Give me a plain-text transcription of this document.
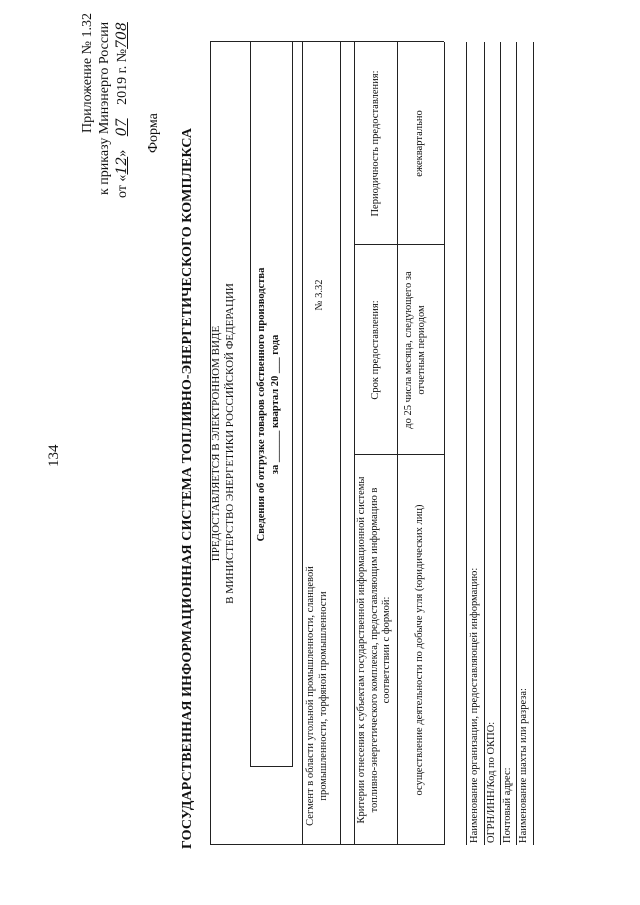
134
Приложение № 1.32 к приказу Минэнерго России от «12» 07 2019 г. №708
Форма ГОСУДАРСТВЕННАЯ ИНФОРМАЦИОННАЯ СИСТЕМА ТОПЛИВНО-ЭНЕРГЕТИЧЕСКОГО КОМПЛЕКСА ПРЕДОСТАВЛЯЕТСЯ В ЭЛЕКТРОННОМ ВИДЕ В МИНИСТЕРСТВО ЭНЕРГЕТИКИ РОССИЙСКОЙ ФЕДЕРАЦИИ Сведения об отгрузке товаров собственного производства за ______ квартал 20 ___ года
Сегмент в области угольной промышленности, сланцевой промышленности, торфяной промышленности
№ 3.32
Критерии отнесения к субъектам государственной информационной системы топливно-энергетического комплекса, предоставляющим информацию в соответствии с формой:
Срок предоставления:
Периодичность предоставления:
осуществление деятельности по добыче угля (юридических лиц)
до 25 числа месяца, следующего за отчетным периодом
ежеквартально
Наименование организации, предоставляющей информацию: ОГРН/ИНН/Код по ОКПО: Почтовый адрес: Наименование шахты или разреза:
